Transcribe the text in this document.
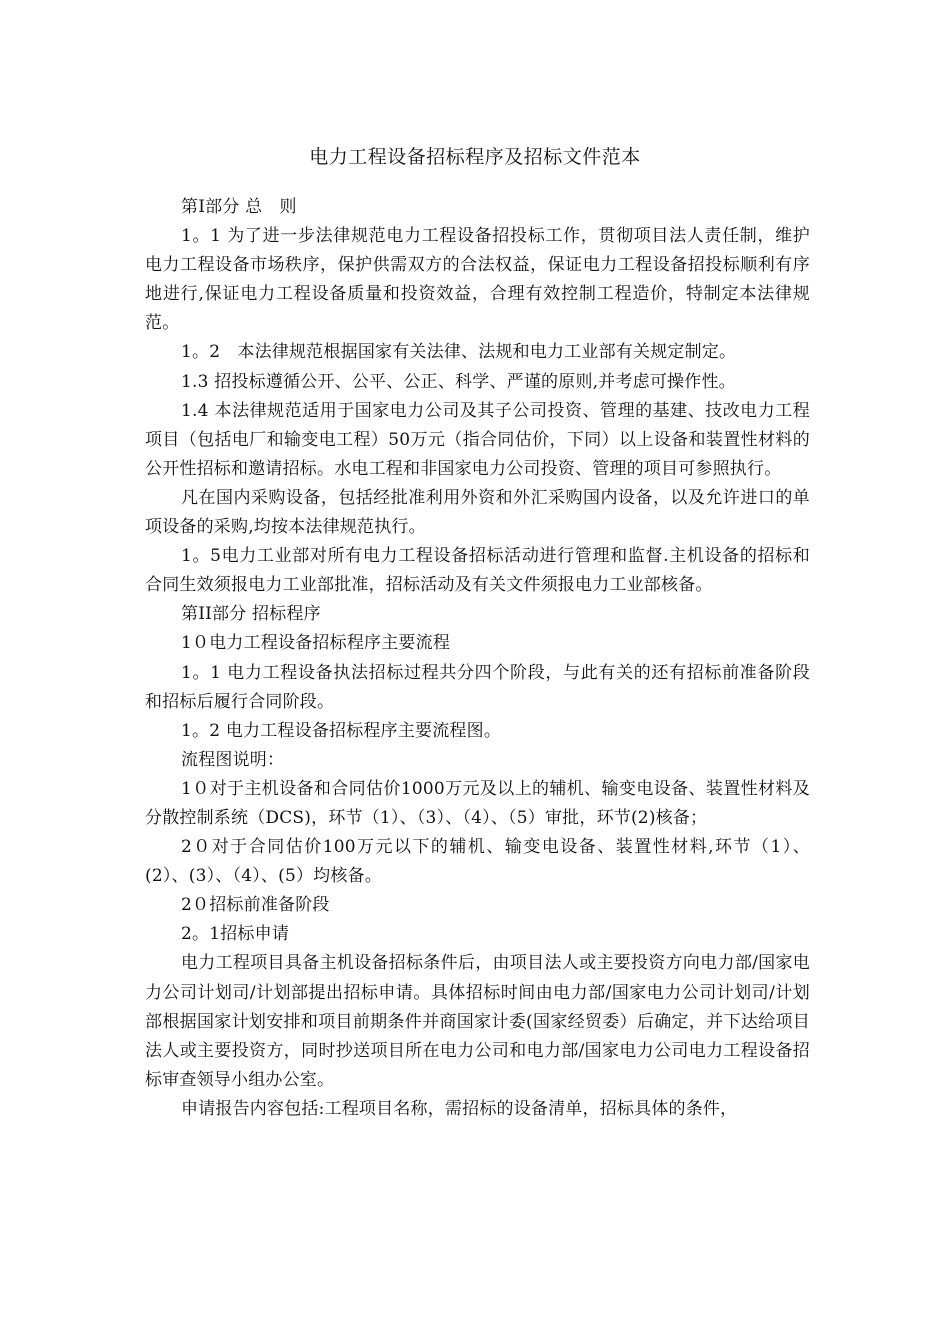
电力工程设备招标程序及招标文件范本

第I部分 总　则

1。1 为了进一步法律规范电力工程设备招投标工作，贯彻项目法人责任制，维护电力工程设备市场秩序，保护供需双方的合法权益，保证电力工程设备招投标顺利有序地进行,保证电力工程设备质量和投资效益，合理有效控制工程造价，特制定本法律规范。

1。2　本法律规范根据国家有关法律、法规和电力工业部有关规定制定。

1.3 招投标遵循公开、公平、公正、科学、严谨的原则,并考虑可操作性。

1.4 本法律规范适用于国家电力公司及其子公司投资、管理的基建、技改电力工程项目（包括电厂和输变电工程）50万元（指合同估价，下同）以上设备和装置性材料的公开性招标和邀请招标。水电工程和非国家电力公司投资、管理的项目可参照执行。

凡在国内采购设备，包括经批准利用外资和外汇采购国内设备，以及允许进口的单项设备的采购,均按本法律规范执行。

1。5电力工业部对所有电力工程设备招标活动进行管理和监督.主机设备的招标和合同生效须报电力工业部批准，招标活动及有关文件须报电力工业部核备。

第II部分 招标程序

1０电力工程设备招标程序主要流程

1。1 电力工程设备执法招标过程共分四个阶段，与此有关的还有招标前准备阶段和招标后履行合同阶段。

1。2 电力工程设备招标程序主要流程图。

流程图说明：

1０对于主机设备和合同估价1000万元及以上的辅机、输变电设备、装置性材料及分散控制系统（DCS)，环节（1）、（3）、（4）、（5）审批，环节(2)核备；

2０对于合同估价100万元以下的辅机、输变电设备、装置性材料,环节（1）、(2）、(3）、（4）、(5）均核备。

2０招标前准备阶段

2。1招标申请

电力工程项目具备主机设备招标条件后，由项目法人或主要投资方向电力部/国家电力公司计划司/计划部提出招标申请。具体招标时间由电力部/国家电力公司计划司/计划部根据国家计划安排和项目前期条件并商国家计委(国家经贸委）后确定，并下达给项目法人或主要投资方，同时抄送项目所在电力公司和电力部/国家电力公司电力工程设备招标审查领导小组办公室。

申请报告内容包括:工程项目名称，需招标的设备清单，招标具体的条件，
